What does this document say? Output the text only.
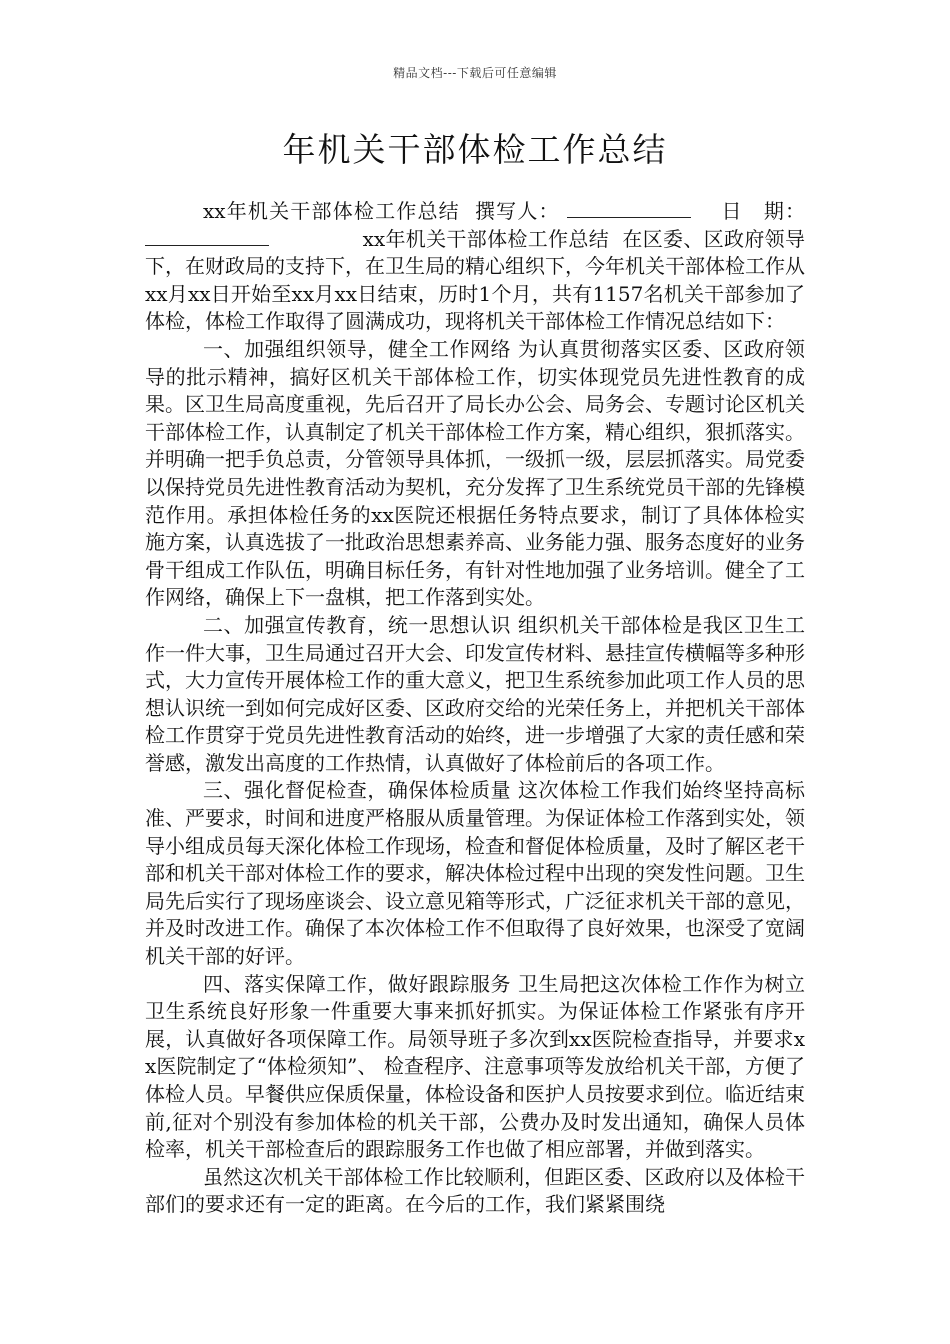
精品文档---下载后可任意编辑
年机关干部体检工作总结

xx年机关干部体检工作总结 撰写人：	日　期：              xx年机关干部体检工作总结 在区委、区政府领导下，在财政局的支持下，在卫生局的精心组织下，今年机关干部体检工作从xx月xx日开始至xx月xx日结束，历时1个月，共有1157名机关干部参加了体检，体检工作取得了圆满成功，现将机关干部体检工作情况总结如下：

一、加强组织领导，健全工作网络 为认真贯彻落实区委、区政府领导的批示精神，搞好区机关干部体检工作，切实体现党员先进性教育的成果。区卫生局高度重视，先后召开了局长办公会、局务会、专题讨论区机关干部体检工作，认真制定了机关干部体检工作方案，精心组织，狠抓落实。并明确一把手负总责，分管领导具体抓，一级抓一级，层层抓落实。局党委以保持党员先进性教育活动为契机，充分发挥了卫生系统党员干部的先锋模范作用。承担体检任务的xx医院还根据任务特点要求，制订了具体体检实施方案，认真选拔了一批政治思想素养高、业务能力强、服务态度好的业务骨干组成工作队伍，明确目标任务，有针对性地加强了业务培训。健全了工作网络，确保上下一盘棋，把工作落到实处。

二、加强宣传教育，统一思想认识 组织机关干部体检是我区卫生工作一件大事，卫生局通过召开大会、印发宣传材料、悬挂宣传横幅等多种形式，大力宣传开展体检工作的重大意义，把卫生系统参加此项工作人员的思想认识统一到如何完成好区委、区政府交给的光荣任务上，并把机关干部体检工作贯穿于党员先进性教育活动的始终，进一步增强了大家的责任感和荣誉感，激发出高度的工作热情，认真做好了体检前后的各项工作。

三、强化督促检查，确保体检质量 这次体检工作我们始终坚持高标准、严要求，时间和进度严格服从质量管理。为保证体检工作落到实处，领导小组成员每天深化体检工作现场，检查和督促体检质量，及时了解区老干部和机关干部对体检工作的要求，解决体检过程中出现的突发性问题。卫生局先后实行了现场座谈会、设立意见箱等形式，广泛征求机关干部的意见，并及时改进工作。确保了本次体检工作不但取得了良好效果，也深受了宽阔机关干部的好评。

四、落实保障工作，做好跟踪服务 卫生局把这次体检工作作为树立卫生系统良好形象一件重要大事来抓好抓实。为保证体检工作紧张有序开展，认真做好各项保障工作。局领导班子多次到xx医院检查指导，并要求xx医院制定了“体检须知”、 检查程序、注意事项等发放给机关干部，方便了体检人员。早餐供应保质保量，体检设备和医护人员按要求到位。临近结束前,征对个别没有参加体检的机关干部，公费办及时发出通知，确保人员体检率，机关干部检查后的跟踪服务工作也做了相应部署，并做到落实。

虽然这次机关干部体检工作比较顺利，但距区委、区政府以及体检干部们的要求还有一定的距离。在今后的工作，我们紧紧围绕
